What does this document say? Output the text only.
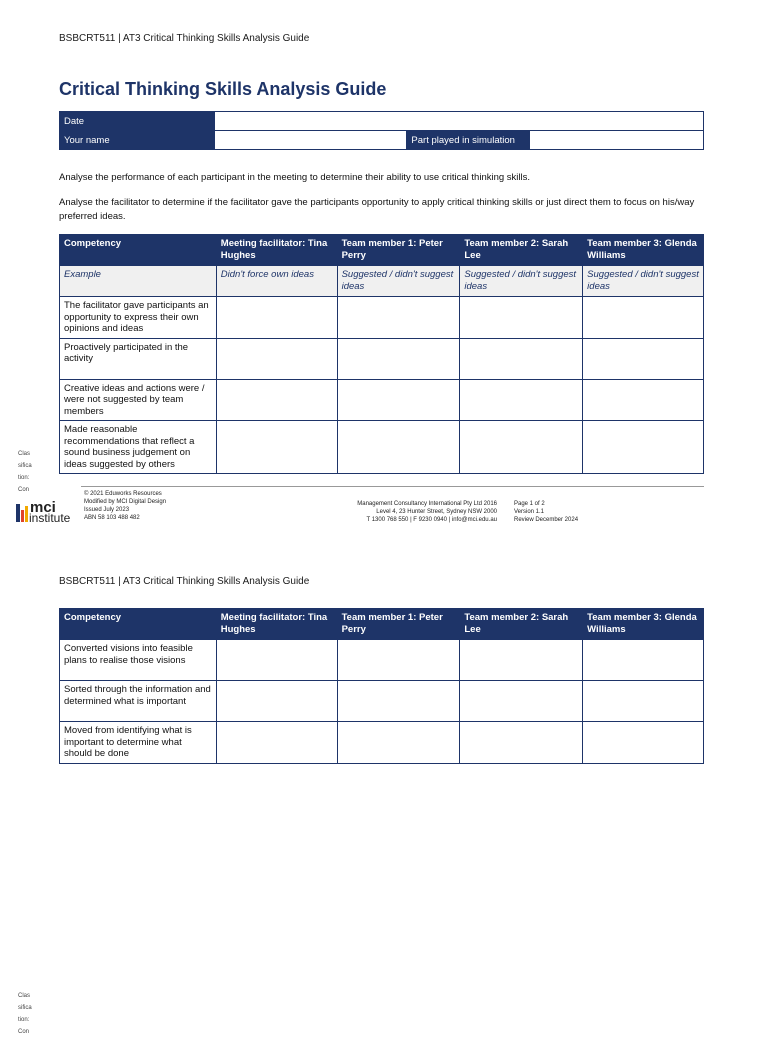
BSBCRT511 | AT3 Critical Thinking Skills Analysis Guide
Critical Thinking Skills Analysis Guide
Date			
Your name		Part played in simulation	

Analyse the performance of each participant in the meeting to determine their ability to use critical thinking skills.

Analyse the facilitator to determine if the facilitator gave the participants opportunity to apply critical thinking skills or just direct them to focus on his/way preferred ideas.

Competency	Meeting facilitator: Tina Hughes	Team member 1: Peter Perry	Team member 2: Sarah Lee	Team member 3: Glenda Williams
Example	Didn't force own ideas	Suggested / didn't suggest ideas	Suggested / didn't suggest ideas	Suggested / didn't suggest ideas
The facilitator gave participants an opportunity to express their own opinions and ideas				
Proactively participated in the activity				
Creative ideas and actions were / were not suggested by team members				
Made reasonable recommendations that reflect a sound business judgement on ideas suggested by others				
© 2021 Eduworks Resources
Modified by MCI Digital Design
Issued July 2023
ABN 58 103 488 482
Management Consultancy International Pty Ltd 2016
Level 4, 23 Hunter Street, Sydney NSW 2000
T 1300 768 550 | F 9230 0940 | info@mci.edu.au
Page 1 of 2
Version 1.1
Review December 2024
mci
institute
Classification: Con
BSBCRT511 | AT3 Critical Thinking Skills Analysis Guide
Competency	Meeting facilitator: Tina Hughes	Team member 1: Peter Perry	Team member 2: Sarah Lee	Team member 3: Glenda Williams
Converted visions into feasible plans to realise those visions				
Sorted through the information and determined what is important				
Moved from identifying what is important to determine what should be done				
Classification: Con
